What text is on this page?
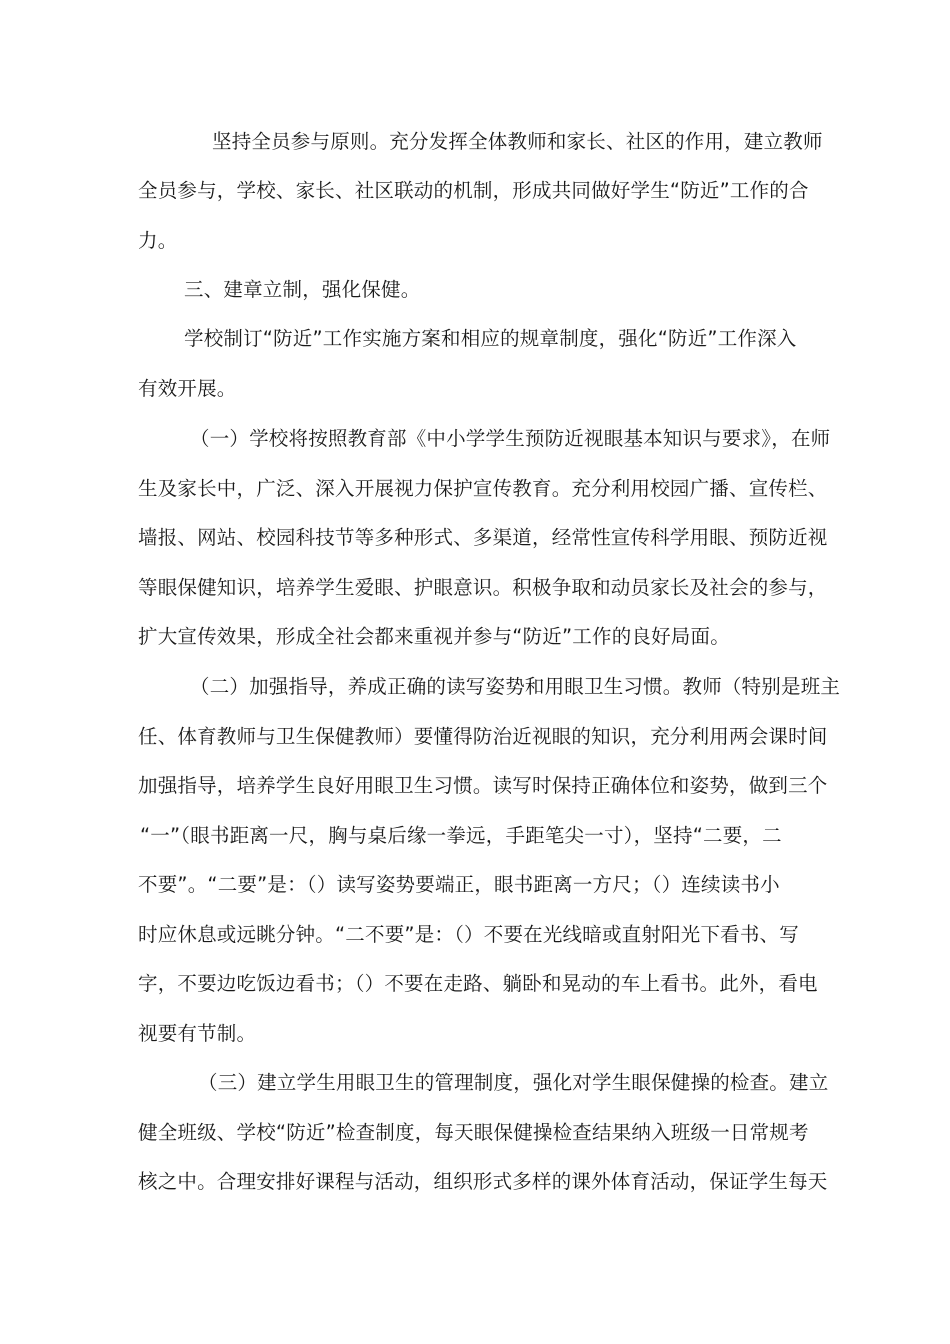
坚持全员参与原则。充分发挥全体教师和家长、社区的作用，建立教师
全员参与，学校、家长、社区联动的机制，形成共同做好学生“防近”工作的合
力。
三、建章立制，强化保健。
学校制订“防近”工作实施方案和相应的规章制度，强化“防近”工作深入
有效开展。
（一）学校将按照教育部《中小学学生预防近视眼基本知识与要求》，在师
生及家长中，广泛、深入开展视力保护宣传教育。充分利用校园广播、宣传栏、
墙报、网站、校园科技节等多种形式、多渠道，经常性宣传科学用眼、预防近视
等眼保健知识，培养学生爱眼、护眼意识。积极争取和动员家长及社会的参与，
扩大宣传效果，形成全社会都来重视并参与“防近”工作的良好局面。
（二）加强指导，养成正确的读写姿势和用眼卫生习惯。教师（特别是班主
任、体育教师与卫生保健教师）要懂得防治近视眼的知识，充分利用两会课时间
加强指导，培养学生良好用眼卫生习惯。读写时保持正确体位和姿势，做到三个
“一”（眼书距离一尺，胸与桌后缘一拳远，手距笔尖一寸），坚持“二要，二
不要”。“二要”是：（）读写姿势要端正，眼书距离一方尺；（）连续读书小
时应休息或远眺分钟。“二不要”是：（）不要在光线暗或直射阳光下看书、写
字，不要边吃饭边看书；（）不要在走路、躺卧和晃动的车上看书。此外，看电
视要有节制。
（三）建立学生用眼卫生的管理制度，强化对学生眼保健操的检查。建立
健全班级、学校“防近”检查制度，每天眼保健操检查结果纳入班级一日常规考
核之中。合理安排好课程与活动，组织形式多样的课外体育活动，保证学生每天
